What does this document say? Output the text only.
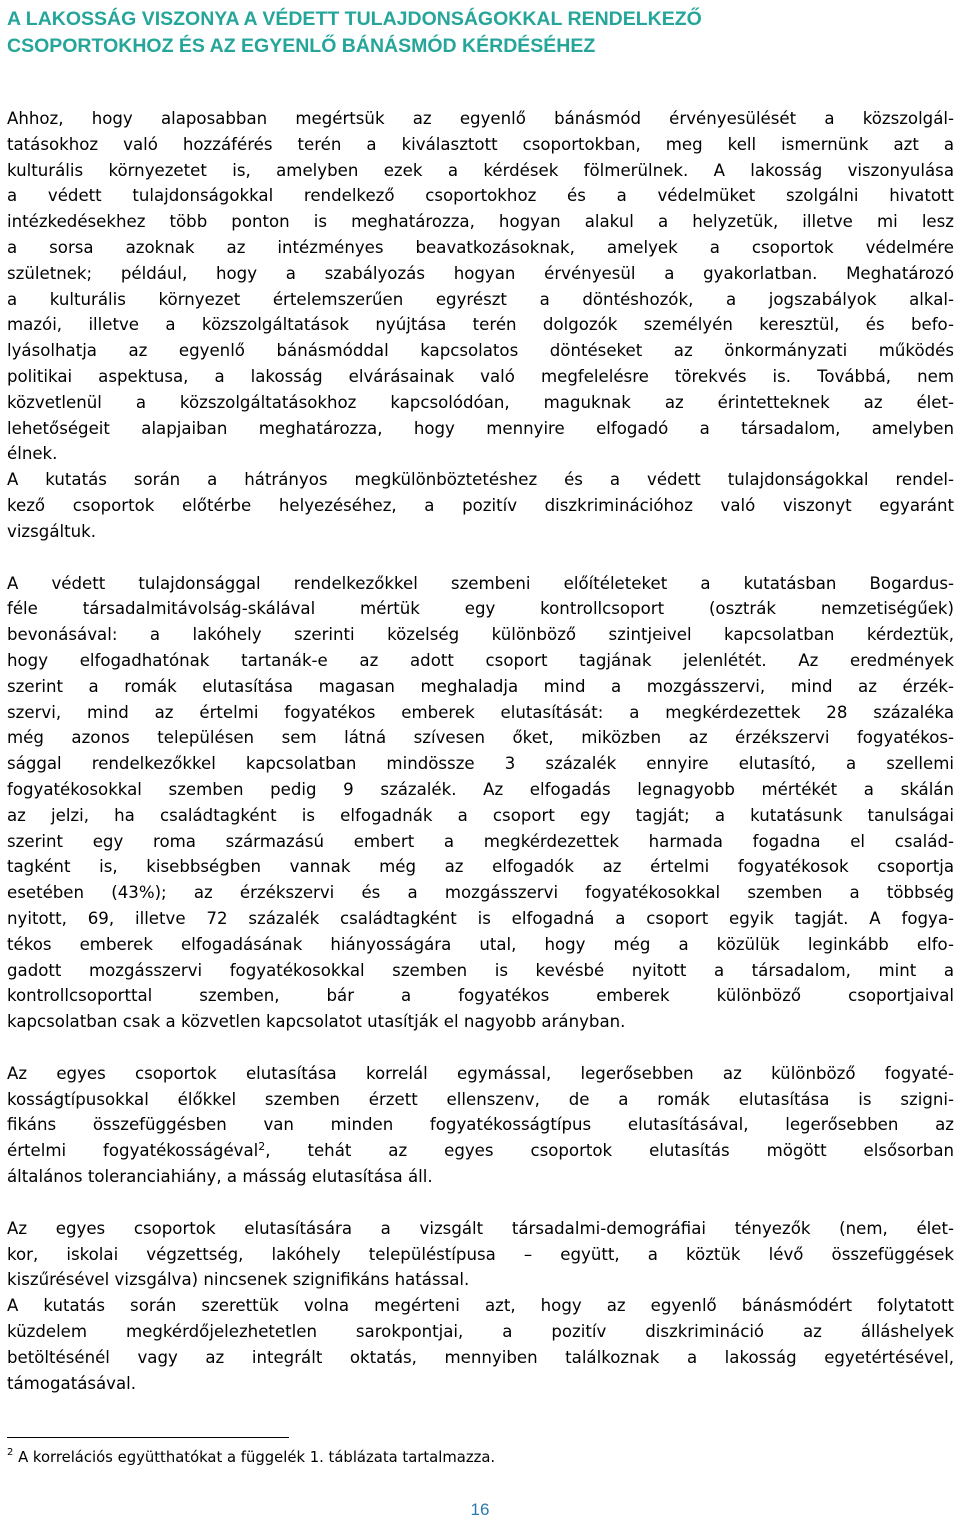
A LAKOSSÁG VISZONYA A VÉDETT TULAJDONSÁGOKKAL RENDELKEZŐ
CSOPORTOKHOZ ÉS AZ EGYENLŐ BÁNÁSMÓD KÉRDÉSÉHEZ

Ahhoz, hogy alaposabban megértsük az egyenlő bánásmód érvényesülését a közszolgál-
tatásokhoz való hozzáférés terén a kiválasztott csoportokban, meg kell ismernünk azt a
kulturális környezetet is, amelyben ezek a kérdések fölmerülnek. A lakosság viszonyulása
a védett tulajdonságokkal rendelkező csoportokhoz és a védelmüket szolgálni hivatott
intézkedésekhez több ponton is meghatározza, hogyan alakul a helyzetük, illetve mi lesz
a sorsa azoknak az intézményes beavatkozásoknak, amelyek a csoportok védelmére
születnek; például, hogy a szabályozás hogyan érvényesül a gyakorlatban. Meghatározó
a kulturális környezet értelemszerűen egyrészt a döntéshozók, a jogszabályok alkal-
mazói, illetve a közszolgáltatások nyújtása terén dolgozók személyén keresztül, és befo-
lyásolhatja az egyenlő bánásmóddal kapcsolatos döntéseket az önkormányzati működés
politikai aspektusa, a lakosság elvárásainak való megfelelésre törekvés is. Továbbá, nem
közvetlenül a közszolgáltatásokhoz kapcsolódóan, maguknak az érintetteknek az élet-
lehetőségeit alapjaiban meghatározza, hogy mennyire elfogadó a társadalom, amelyben
élnek.

A kutatás során a hátrányos megkülönböztetéshez és a védett tulajdonságokkal rendel-
kező csoportok előtérbe helyezéséhez, a pozitív diszkriminációhoz való viszonyt egyaránt
vizsgáltuk.

A védett tulajdonsággal rendelkezőkkel szembeni előítéleteket a kutatásban Bogardus-
féle társadalmitávolság-skálával mértük egy kontrollcsoport (osztrák nemzetiségűek)
bevonásával: a lakóhely szerinti közelség különböző szintjeivel kapcsolatban kérdeztük,
hogy elfogadhatónak tartanák-e az adott csoport tagjának jelenlétét. Az eredmények
szerint a romák elutasítása magasan meghaladja mind a mozgásszervi, mind az érzék-
szervi, mind az értelmi fogyatékos emberek elutasítását: a megkérdezettek 28 százaléka
még azonos településen sem látná szívesen őket, miközben az érzékszervi fogyatékos-
sággal rendelkezőkkel kapcsolatban mindössze 3 százalék ennyire elutasító, a szellemi
fogyatékosokkal szemben pedig 9 százalék. Az elfogadás legnagyobb mértékét a skálán
az jelzi, ha családtagként is elfogadnák a csoport egy tagját; a kutatásunk tanulságai
szerint egy roma származású embert a megkérdezettek harmada fogadna el család-
tagként is, kisebbségben vannak még az elfogadók az értelmi fogyatékosok csoportja
esetében (43%); az érzékszervi és a mozgásszervi fogyatékosokkal szemben a többség
nyitott, 69, illetve 72 százalék családtagként is elfogadná a csoport egyik tagját. A fogya-
tékos emberek elfogadásának hiányosságára utal, hogy még a közülük leginkább elfo-
gadott mozgásszervi fogyatékosokkal szemben is kevésbé nyitott a társadalom, mint a
kontrollcsoporttal szemben, bár a fogyatékos emberek különböző csoportjaival
kapcsolatban csak a közvetlen kapcsolatot utasítják el nagyobb arányban.

Az egyes csoportok elutasítása korrelál egymással, legerősebben az különböző fogyaté-
kosságtípusokkal élőkkel szemben érzett ellenszenv, de a romák elutasítása is szigni-
fikáns összefüggésben van minden fogyatékosságtípus elutasításával, legerősebben az
értelmi fogyatékosságéval$^2$, tehát az egyes csoportok elutasítás mögött elsősorban
általános toleranciahiány, a másság elutasítása áll.

Az egyes csoportok elutasítására a vizsgált társadalmi-demográfiai tényezők (nem, élet-
kor, iskolai végzettség, lakóhely településtípusa – együtt, a köztük lévő összefüggések
kiszűrésével vizsgálva) nincsenek szignifikáns hatással.

A kutatás során szerettük volna megérteni azt, hogy az egyenlő bánásmódért folytatott
küzdelem megkérdőjelezhetetlen sarokpontjai, a pozitív diszkrimináció az álláshelyek
betöltésénél vagy az integrált oktatás, mennyiben találkoznak a lakosság egyetértésével,
támogatásával.

$^2$ A korrelációs együtthatókat a függelék 1. táblázata tartalmazza.
16
